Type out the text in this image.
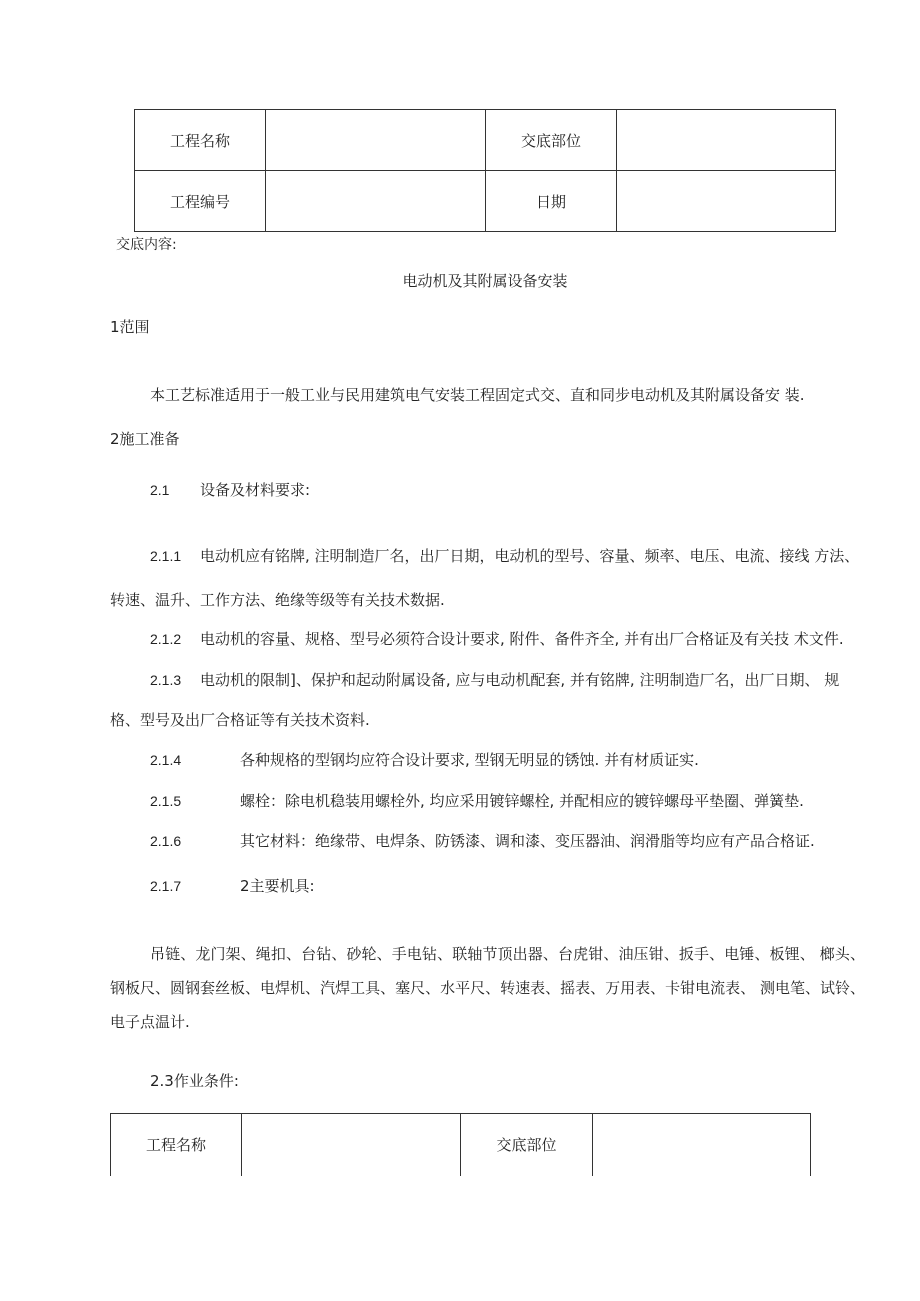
工程名称		交底部位	
工程编号		日期	
交底内容:
电动机及其附属设备安装
1范围
本工艺标准适用于一般工业与民用建筑电气安装工程固定式交、直和同步电动机及其附属设备安 装.
2施工准备
2.1 设备及材料要求:
2.1.1 电动机应有铭牌, 注明制造厂名，出厂日期，电动机的型号、容量、频率、电压、电流、接线 方法、
转速、温升、工作方法、绝缘等级等有关技术数据.
2.1.2 电动机的容量、规格、型号必须符合设计要求, 附件、备件齐全, 并有出厂合格证及有关技 术文件.
2.1.3 电动机的限制]、保护和起动附属设备, 应与电动机配套, 并有铭牌, 注明制造厂名，出厂日期、 规
格、型号及出厂合格证等有关技术资料.
2.1.4	各种规格的型钢均应符合设计要求, 型钢无明显的锈蚀. 并有材质证实.
2.1.5	螺栓：除电机稳装用螺栓外, 均应采用镀锌螺栓, 并配相应的镀锌螺母平垫圈、弹簧垫.
2.1.6	其它材料：绝缘带、电焊条、防锈漆、调和漆、变压器油、润滑脂等均应有产品合格证.
2.1.7	2主要机具:
吊链、龙门架、绳扣、台钻、砂轮、手电钻、联轴节顶出器、台虎钳、油压钳、扳手、电锤、板锂、 榔头、钢板尺、圆钢套丝板、电焊机、汽焊工具、塞尺、水平尺、转速表、摇表、万用表、卡钳电流表、 测电笔、试铃、电子点温计.
2.3作业条件:
工程名称		交底部位	
